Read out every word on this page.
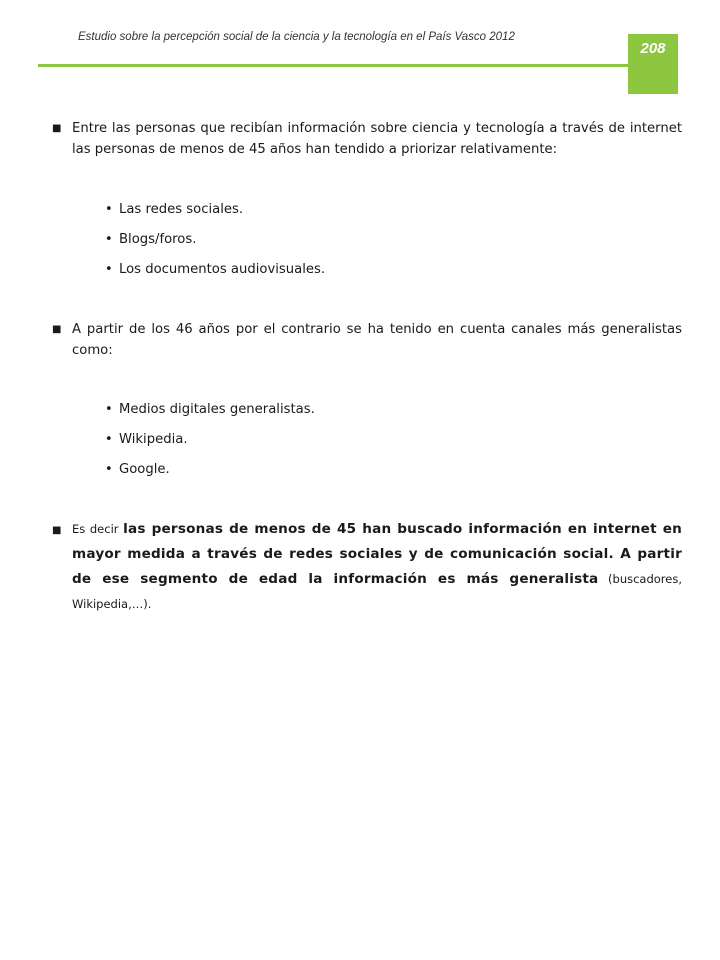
Estudio sobre la percepción social de la ciencia y la tecnología en el País Vasco 2012
208
■ Entre las personas que recibían información sobre ciencia y tecnología a través de internet las personas de menos de 45 años han tendido a priorizar relativamente:
• Las redes sociales.
• Blogs/foros.
• Los documentos audiovisuales.
■ A partir de los 46 años por el contrario se ha tenido en cuenta canales más generalistas como:
• Medios digitales generalistas.
• Wikipedia.
• Google.
■ Es decir las personas de menos de 45 han buscado información en internet en mayor medida a través de redes sociales y de comunicación social. A partir de ese segmento de edad la información es más generalista (buscadores, Wikipedia,…).
